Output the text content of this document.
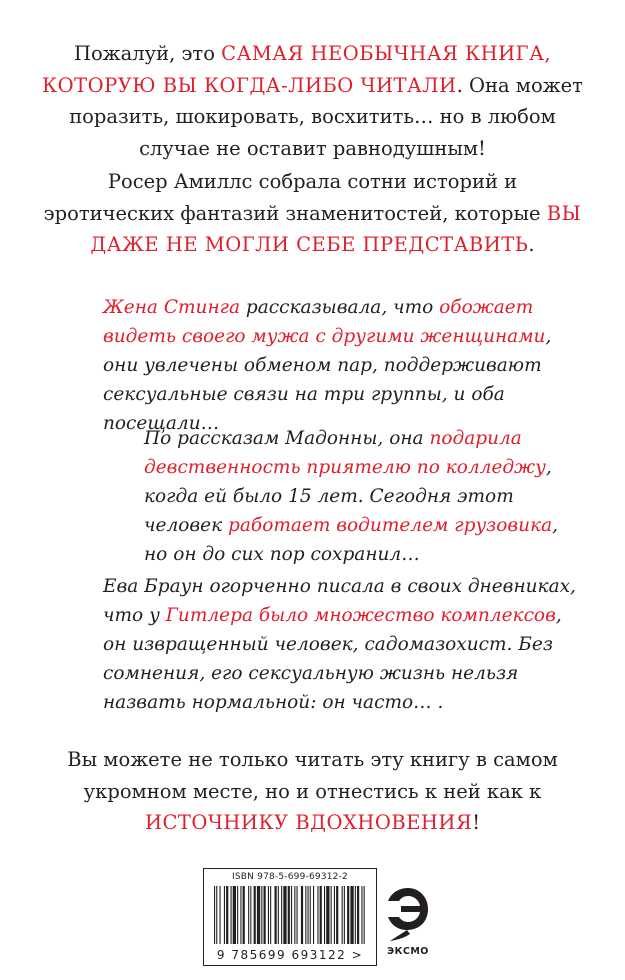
Пожалуй, это САМАЯ НЕОБЫЧНАЯ КНИГА, КОТОРУЮ ВЫ КОГДА-ЛИБО ЧИТАЛИ. Она может поразить, шокировать, восхитить… но в любом случае не оставит равнодушным!
Росер Амиллс собрала сотни историй и эротических фантазий знаменитостей, которые ВЫ ДАЖЕ НЕ МОГЛИ СЕБЕ ПРЕДСТАВИТЬ.
Жена Стинга рассказывала, что обожает видеть своего мужа с другими женщинами, они увлечены обменом пар, поддерживают сексуальные связи на три группы, и оба посещали…
По рассказам Мадонны, она подарила девственность приятелю по колледжу, когда ей было 15 лет. Сегодня этот человек работает водителем грузовика, но он до сих пор сохранил…
Ева Браун огорченно писала в своих дневниках, что у Гитлера было множество комплексов, он извращенный человек, садомазохист. Без сомнения, его сексуальную жизнь нельзя назвать нормальной: он часто… .
Вы можете не только читать эту книгу в самом укромном месте, но и отнестись к ней как к ИСТОЧНИКУ ВДОХНОВЕНИЯ!
ISBN 978-5-699-69312-2
9 785699 693122 >	ЭКСМО
